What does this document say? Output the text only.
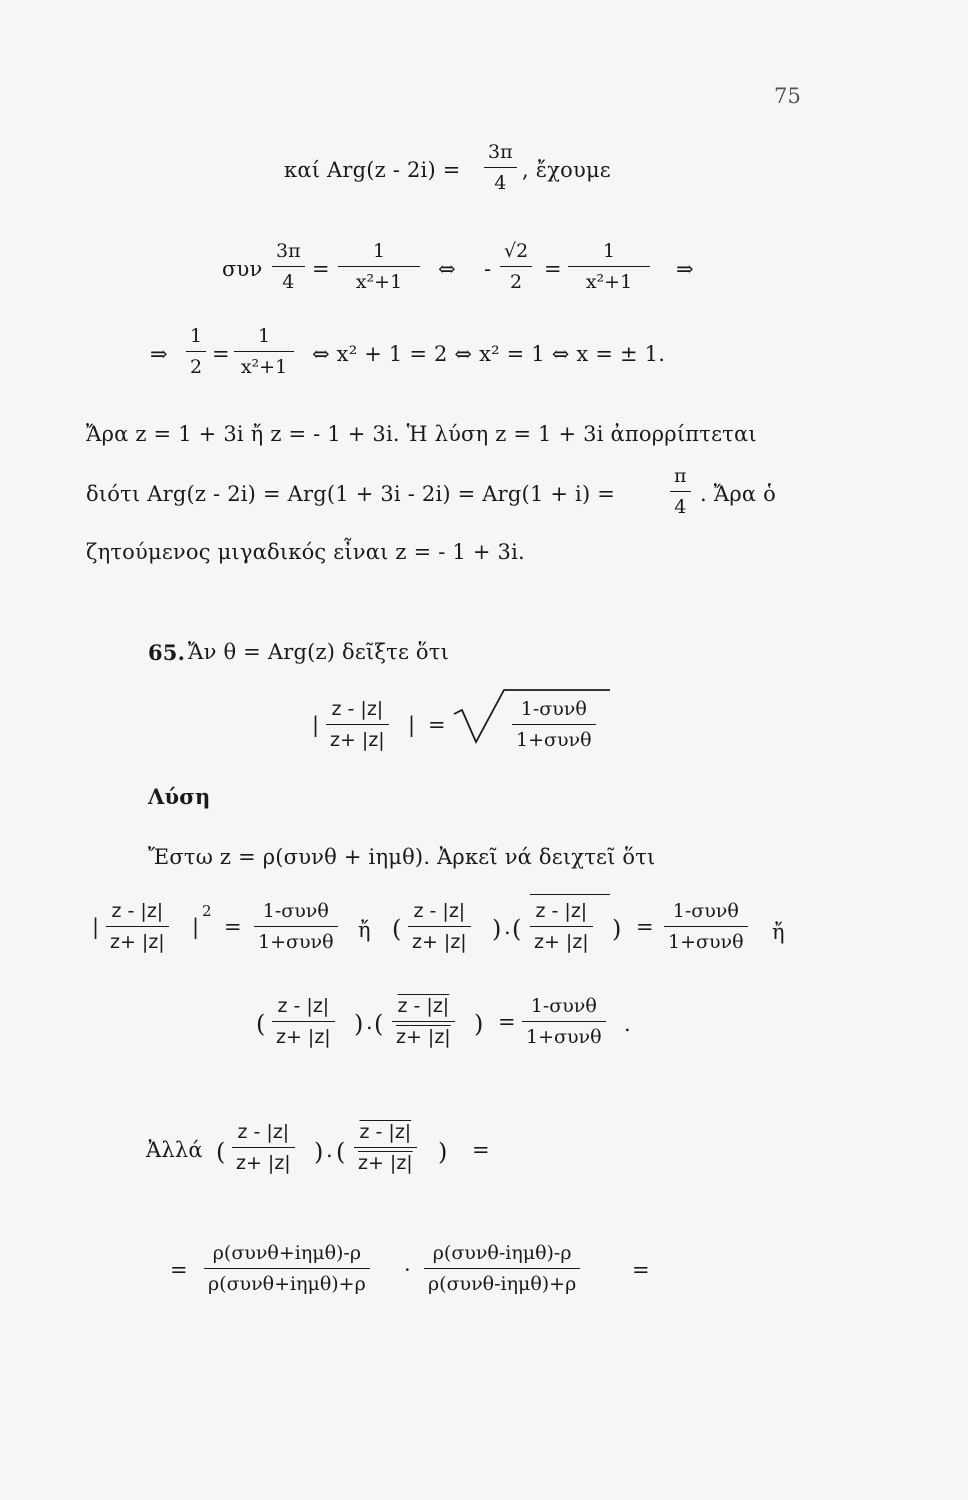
75
καί Arg(z - 2i) =
3π
4
, ἔχουμε
συν
3π
4
=
1
x²+1
⇔ -
√2
2
=
1
x²+1
⇒
⇒
1
2
=
1
x²+1
⇔ x² + 1 = 2 ⇔ x² = 1 ⇔ x = ± 1.
Ἄρα z = 1 + 3i ἤ z = - 1 + 3i. Ἡ λύση z = 1 + 3i ἀπορρίπτεται
διότι Arg(z - 2i) = Arg(1 + 3i - 2i) = Arg(1 + i) =
π
4
. Ἄρα ὁ
ζητούμενος μιγαδικός εἶναι z = - 1 + 3i.
65. Ἄν θ = Arg(z) δεῖξτε ὅτι
|
z - |z|
z+ |z|
| =
1-συνθ
1+συνθ
Λύση
Ἔστω z = ρ(συνθ + iημθ). Ἀρκεῖ νά δειχτεῖ ὅτι
|
z - |z|
z+ |z|
|
2
=
1-συνθ
1+συνθ ἤ (
z - |z|
z+ |z| ) . (
z - |z|
z+ |z| ) =
1-συνθ
1+συνθ ἤ
(
z - |z|
z+ |z| ) . ( $\frac{z - |z|}{z+ |z|}$ ) =
1-συνθ
1+συνθ
.
Ἀλλά (
z - |z|
z+ |z| ) . ( $\frac{z - |z|}{z+ |z|}$ ) =
=
ρ(συνθ+iημθ)-ρ
ρ(συνθ+iημθ)+ρ
·
ρ(συνθ-iημθ)-ρ
ρ(συνθ-iημθ)+ρ
=
